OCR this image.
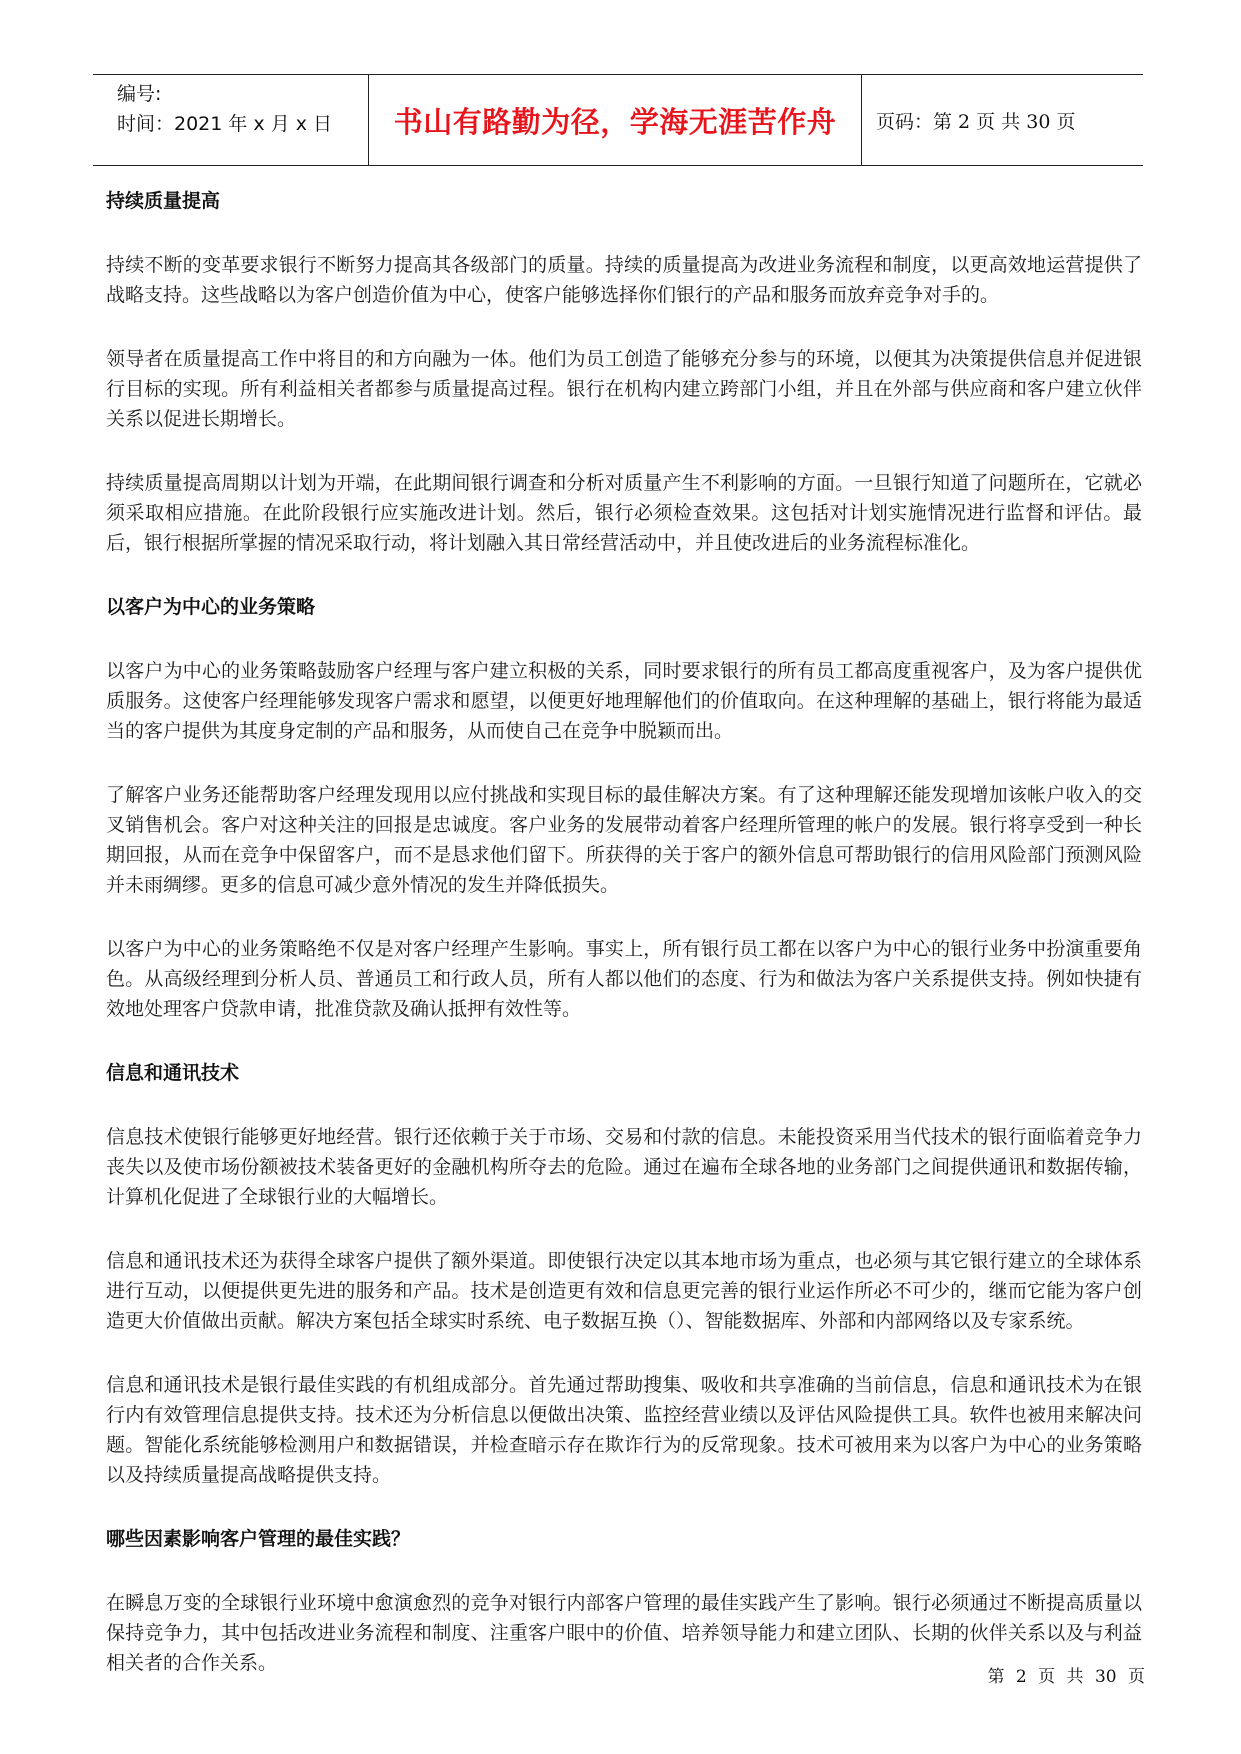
编号:
时间：2021 年 x 月 x 日	书山有路勤为径，学海无涯苦作舟	页码：第 2 页 共 30 页
持续质量提高

持续不断的变革要求银行不断努力提高其各级部门的质量。持续的质量提高为改进业务流程和制度，以更高效地运营提供了战略支持。这些战略以为客户创造价值为中心，使客户能够选择你们银行的产品和服务而放弃竞争对手的。

领导者在质量提高工作中将目的和方向融为一体。他们为员工创造了能够充分参与的环境，以便其为决策提供信息并促进银行目标的实现。所有利益相关者都参与质量提高过程。银行在机构内建立跨部门小组，并且在外部与供应商和客户建立伙伴关系以促进长期增长。

持续质量提高周期以计划为开端，在此期间银行调查和分析对质量产生不利影响的方面。一旦银行知道了问题所在，它就必须采取相应措施。在此阶段银行应实施改进计划。然后，银行必须检查效果。这包括对计划实施情况进行监督和评估。最后，银行根据所掌握的情况采取行动，将计划融入其日常经营活动中，并且使改进后的业务流程标准化。

以客户为中心的业务策略

以客户为中心的业务策略鼓励客户经理与客户建立积极的关系，同时要求银行的所有员工都高度重视客户，及为客户提供优质服务。这使客户经理能够发现客户需求和愿望，以便更好地理解他们的价值取向。在这种理解的基础上，银行将能为最适当的客户提供为其度身定制的产品和服务，从而使自己在竞争中脱颖而出。

了解客户业务还能帮助客户经理发现用以应付挑战和实现目标的最佳解决方案。有了这种理解还能发现增加该帐户收入的交叉销售机会。客户对这种关注的回报是忠诚度。客户业务的发展带动着客户经理所管理的帐户的发展。银行将享受到一种长期回报，从而在竞争中保留客户，而不是恳求他们留下。所获得的关于客户的额外信息可帮助银行的信用风险部门预测风险并未雨绸缪。更多的信息可减少意外情况的发生并降低损失。

以客户为中心的业务策略绝不仅是对客户经理产生影响。事实上，所有银行员工都在以客户为中心的银行业务中扮演重要角色。从高级经理到分析人员、普通员工和行政人员，所有人都以他们的态度、行为和做法为客户关系提供支持。例如快捷有效地处理客户贷款申请，批准贷款及确认抵押有效性等。

信息和通讯技术

信息技术使银行能够更好地经营。银行还依赖于关于市场、交易和付款的信息。未能投资采用当代技术的银行面临着竞争力丧失以及使市场份额被技术装备更好的金融机构所夺去的危险。通过在遍布全球各地的业务部门之间提供通讯和数据传输，计算机化促进了全球银行业的大幅增长。

信息和通讯技术还为获得全球客户提供了额外渠道。即使银行决定以其本地市场为重点，也必须与其它银行建立的全球体系进行互动，以便提供更先进的服务和产品。技术是创造更有效和信息更完善的银行业运作所必不可少的，继而它能为客户创造更大价值做出贡献。解决方案包括全球实时系统、电子数据互换（）、智能数据库、外部和内部网络以及专家系统。

信息和通讯技术是银行最佳实践的有机组成部分。首先通过帮助搜集、吸收和共享准确的当前信息，信息和通讯技术为在银行内有效管理信息提供支持。技术还为分析信息以便做出决策、监控经营业绩以及评估风险提供工具。软件也被用来解决问题。智能化系统能够检测用户和数据错误，并检查暗示存在欺诈行为的反常现象。技术可被用来为以客户为中心的业务策略以及持续质量提高战略提供支持。

哪些因素影响客户管理的最佳实践？

在瞬息万变的全球银行业环境中愈演愈烈的竞争对银行内部客户管理的最佳实践产生了影响。银行必须通过不断提高质量以保持竞争力，其中包括改进业务流程和制度、注重客户眼中的价值、培养领导能力和建立团队、长期的伙伴关系以及与利益相关者的合作关系。

第 2 页 共 30 页
